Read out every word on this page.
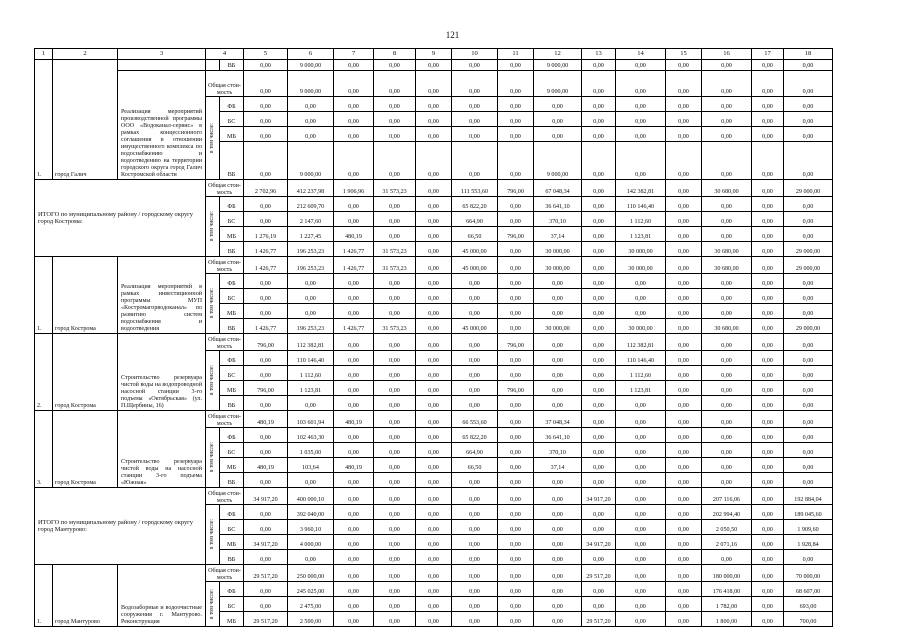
121
1	2	3	4		5	6	7	8	9	10	11	12	13	14	15	16	17	18
1.	город Галич			ВБ	0,00	9 000,00	0,00	0,00	0,00	0,00	0,00	9 000,00	0,00	0,00	0,00	0,00	0,00	0,00
		Реализация мероприятий производственной программы ООО «Водоканал-сервис» в рамках концессионного соглашения в отношении имущественного комплекса по водоснабжению и водоотведению на территории городского округа город Галич Костромской области	Общая стои-мость		0,00	9 000,00	0,00	0,00	0,00	0,00	0,00	9 000,00	0,00	0,00	0,00	0,00	0,00	0,00

			в том числе:	ФБ	0,00	0,00	0,00	0,00	0,00	0,00	0,00	0,00	0,00	0,00	0,00	0,00	0,00	0,00
				БС	0,00	0,00	0,00	0,00	0,00	0,00	0,00	0,00	0,00	0,00	0,00	0,00	0,00	0,00
				МБ	0,00	0,00	0,00	0,00	0,00	0,00	0,00	0,00	0,00	0,00	0,00	0,00	0,00	0,00
				ВБ	0,00	9 000,00	0,00	0,00	0,00	0,00	0,00	9 000,00	0,00	0,00	0,00	0,00	0,00	0,00
ИТОГО по муниципальному району / городскому округу город Кострома:			Общая стои-мость		2 702,96	412 237,98	1 906,96	31 573,23	0,00	111 553,60	796,00	67 048,34	0,00	142 382,81	0,00	30 680,00	0,00	29 000,00

			в том числе:	ФБ	0,00	212 609,70	0,00	0,00	0,00	65 822,20	0,00	36 641,10	0,00	110 146,40	0,00	0,00	0,00	0,00
				БС	0,00	2 147,60	0,00	0,00	0,00	664,90	0,00	370,10	0,00	1 112,60	0,00	0,00	0,00	0,00
				МБ	1 276,19	1 227,45	480,19	0,00	0,00	66,50	796,00	37,14	0,00	1 123,81	0,00	0,00	0,00	0,00
				ВБ	1 426,77	196 253,23	1 426,77	31 573,23	0,00	45 000,00	0,00	30 000,00	0,00	30 000,00	0,00	30 680,00	0,00	29 000,00
1.	город Кострома	Реализация мероприятий в рамках инвестиционной программы МУП «Костромагорводоканал» по развитию систем водоснабжения и водоотведения	Общая стои-мость		1 426,77	196 253,23	1 426,77	31 573,23	0,00	45 000,00	0,00	30 000,00	0,00	30 000,00	0,00	30 680,00	0,00	29 000,00

			в том числе:	ФБ	0,00	0,00	0,00	0,00	0,00	0,00	0,00	0,00	0,00	0,00	0,00	0,00	0,00	0,00
				БС	0,00	0,00	0,00	0,00	0,00	0,00	0,00	0,00	0,00	0,00	0,00	0,00	0,00	0,00
				МБ	0,00	0,00	0,00	0,00	0,00	0,00	0,00	0,00	0,00	0,00	0,00	0,00	0,00	0,00
				ВБ	1 426,77	196 253,23	1 426,77	31 573,23	0,00	45 000,00	0,00	30 000,00	0,00	30 000,00	0,00	30 680,00	0,00	29 000,00
2.	город Кострома	Строительство резервуара чистой воды на водопроводной насосной станции 3-го подъема «Октябрьская» (ул. П.Щербины, 16)	Общая стои-мость		796,00	112 382,81	0,00	0,00	0,00	0,00	796,00	0,00	0,00	112 382,81	0,00	0,00	0,00	0,00

			в том числе:	ФБ	0,00	110 146,40	0,00	0,00	0,00	0,00	0,00	0,00	0,00	110 146,40	0,00	0,00	0,00	0,00
				БС	0,00	1 112,60	0,00	0,00	0,00	0,00	0,00	0,00	0,00	1 112,60	0,00	0,00	0,00	0,00
				МБ	796,00	1 123,81	0,00	0,00	0,00	0,00	796,00	0,00	0,00	1 123,81	0,00	0,00	0,00	0,00
				ВБ	0,00	0,00	0,00	0,00	0,00	0,00	0,00	0,00	0,00	0,00	0,00	0,00	0,00	0,00
3.	город Кострома	Строительство резервуара чистой воды на насосной станции 3-го подъема «Южная»	Общая стои-мость		480,19	103 601,94	480,19	0,00	0,00	66 553,60	0,00	37 048,34	0,00	0,00	0,00	0,00	0,00	0,00

			в том числе:	ФБ	0,00	102 463,30	0,00	0,00	0,00	65 822,20	0,00	36 641,10	0,00	0,00	0,00	0,00	0,00	0,00
				БС	0,00	1 035,00	0,00	0,00	0,00	664,90	0,00	370,10	0,00	0,00	0,00	0,00	0,00	0,00
				МБ	480,19	103,64	480,19	0,00	0,00	66,50	0,00	37,14	0,00	0,00	0,00	0,00	0,00	0,00
				ВБ	0,00	0,00	0,00	0,00	0,00	0,00	0,00	0,00	0,00	0,00	0,00	0,00	0,00	0,00
ИТОГО по муниципальному району / городскому округу город Мантурово:			Общая стои-мость		34 917,20	400 000,10	0,00	0,00	0,00	0,00	0,00	0,00	34 917,20	0,00	0,00	207 116,06	0,00	192 884,04

			в том числе:	ФБ	0,00	392 040,00	0,00	0,00	0,00	0,00	0,00	0,00	0,00	0,00	0,00	202 994,40	0,00	189 045,60
				БС	0,00	3 960,10	0,00	0,00	0,00	0,00	0,00	0,00	0,00	0,00	0,00	2 050,50	0,00	1 909,60
				МБ	34 917,20	4 000,00	0,00	0,00	0,00	0,00	0,00	0,00	34 917,20	0,00	0,00	2 071,16	0,00	1 928,84
				ВБ	0,00	0,00	0,00	0,00	0,00	0,00	0,00	0,00	0,00	0,00	0,00	0,00	0,00	0,00
1.	город Мантурово	Водозаборные и водоочистные сооружения г. Мантурово. Реконструкция	Общая стои-мость		29 517,20	250 000,00	0,00	0,00	0,00	0,00	0,00	0,00	29 517,20	0,00	0,00	180 000,00	0,00	70 000,00

			в том числе:	ФБ	0,00	245 025,00	0,00	0,00	0,00	0,00	0,00	0,00	0,00	0,00	0,00	176 418,00	0,00	68 607,00
				БС	0,00	2 475,00	0,00	0,00	0,00	0,00	0,00	0,00	0,00	0,00	0,00	1 782,00	0,00	693,00
				МБ	29 517,20	2 500,00	0,00	0,00	0,00	0,00	0,00	0,00	29 517,20	0,00	0,00	1 800,00	0,00	700,00
